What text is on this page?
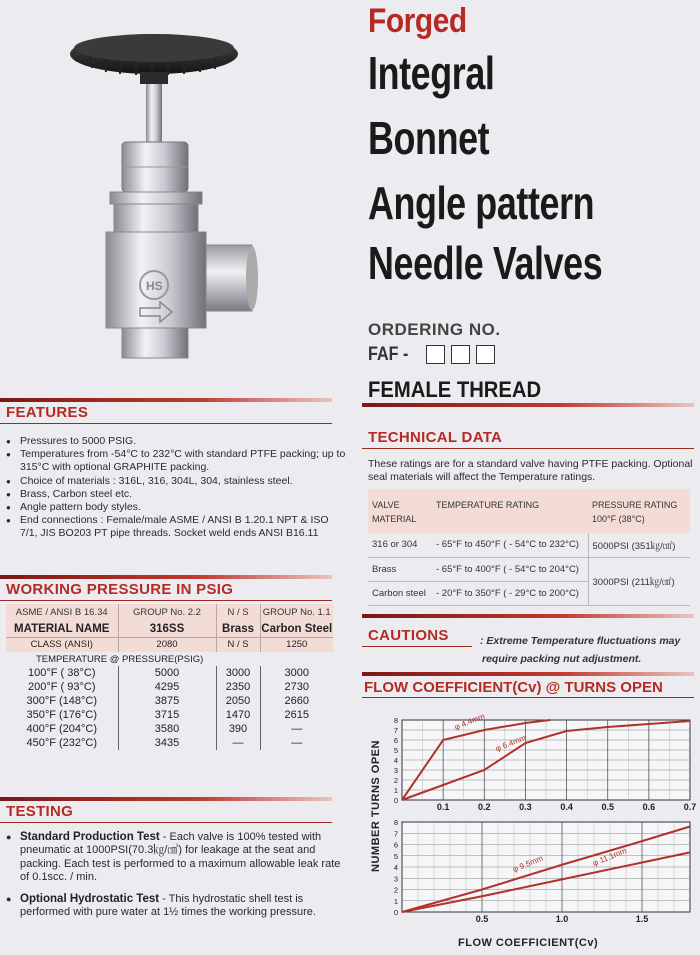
HS
Forged
Integral
Bonnet
Angle pattern
Needle Valves
ORDERING NO.
FAF -
FEMALE THREAD
FEATURES
● Pressures to 5000 PSIG.
● Temperatures from -54°C to 232°C with standard PTFE packing; up to 315°C with optional GRAPHITE packing.
● Choice of materials : 316L, 316, 304L, 304, stainless steel.
● Brass, Carbon steel etc.
● Angle pattern body styles.
● End connections : Female/male ASME / ANSI B 1.20.1 NPT & ISO 7/1, JIS BO203 PT pipe threads. Socket weld ends ANSI B16.11
WORKING PRESSURE IN PSIG
ASME / ANSI B 16.34	GROUP No. 2.2	N / S	GROUP No. 1.1
MATERIAL NAME	316SS	Brass	Carbon Steel
CLASS (ANSI)	2080	N / S	1250
TEMPERATURE @ PRESSURE(PSIG)			
100°F ( 38°C)	5000	3000	3000
200°F ( 93°C)	4295	2350	2730
300°F (148°C)	3875	2050	2660
350°F (176°C)	3715	1470	2615
400°F (204°C)	3580	390	—
450°F (232°C)	3435	—	—
TESTING

● Standard Production Test - Each valve is 100% tested with pneumatic at 1000PSI(70.3㎏/㎠) for leakage at the seat and packing. Each test is performed to a maximum allowable leak rate of 0.1scc. / min.

● Optional Hydrostatic Test - This hydrostatic shell test is performed with pure water at 1½ times the working pressure.

TECHNICAL DATA
These ratings are for a standard valve having PTFE packing. Optional seal materials will affect the Temperature ratings.
VALVE MATERIAL	TEMPERATURE RATING	PRESSURE RATING 100°F (38°C)
316 or 304	- 65°F to 450°F ( - 54°C to 232°C)	5000PSI (351㎏/㎠)
Brass	- 65°F to 400°F ( - 54°C to 204°C)	3000PSI (211㎏/㎠)
Carbon steel	- 20°F to 350°F ( - 29°C to 200°C)	
CAUTIONS	: Extreme Temperature fluctuations may
require packing nut adjustment.
FLOW COEFFICIENT(Cv) @ TURNS OPEN
NUMBER TURNS OPEN
FLOW COEFFICIENT(Cv)
1
2
3
4
5
6
7
8
0
0.1	0.2	0.3	0.4	0.5	0.6	0.7
φ 4.4mm
φ 6.4mm
1
2
3
4
5
6
7
8
0
0.5	1.0	1.5
φ 9.5mm	φ 11.1mm
